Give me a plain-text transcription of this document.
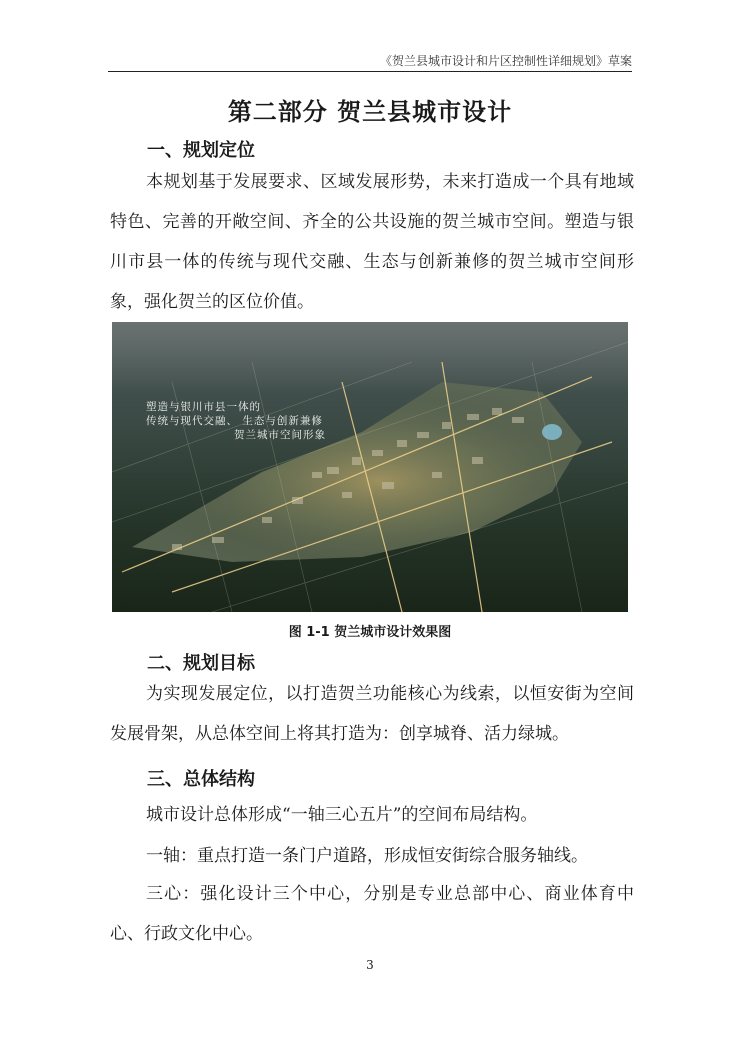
《贺兰县城市设计和片区控制性详细规划》草案
第二部分 贺兰县城市设计
一、规划定位
本规划基于发展要求、区域发展形势，未来打造成一个具有地域特色、完善的开敞空间、齐全的公共设施的贺兰城市空间。塑造与银川市县一体的传统与现代交融、生态与创新兼修的贺兰城市空间形象，强化贺兰的区位价值。
塑造与银川市县一体的
传统与现代交融、 生态与创新兼修
贺兰城市空间形象
图 1-1 贺兰城市设计效果图
二、规划目标
为实现发展定位，以打造贺兰功能核心为线索，以恒安街为空间发展骨架，从总体空间上将其打造为：创享城脊、活力绿城。
三、总体结构
城市设计总体形成“一轴三心五片”的空间布局结构。
一轴：重点打造一条门户道路，形成恒安街综合服务轴线。
三心：强化设计三个中心，分别是专业总部中心、商业体育中心、行政文化中心。
3
